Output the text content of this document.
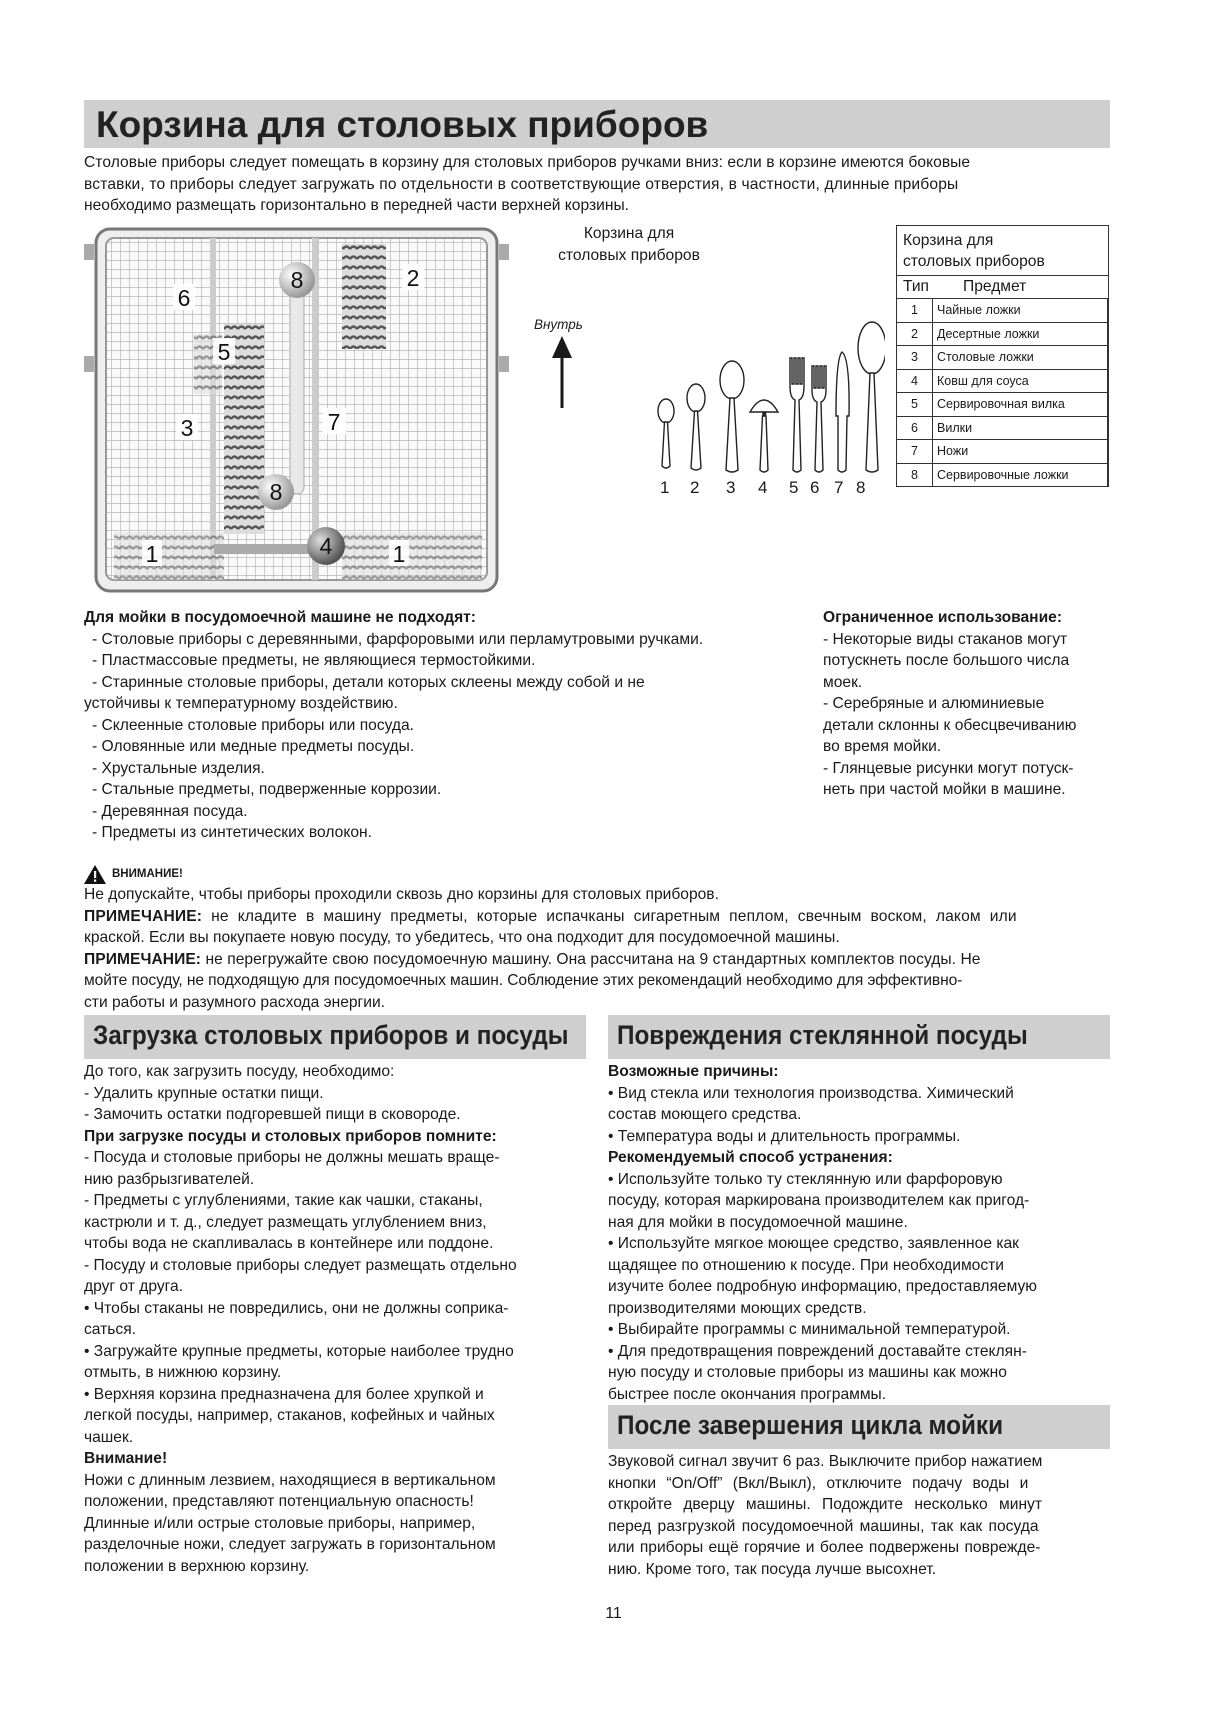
Корзина для столовых приборов
Столовые приборы следует помещать в корзину для столовых приборов ручками вниз: если в корзине имеются боковые
вставки, то приборы следует загружать по отдельности в соответствующие отверстия, в частности, длинные приборы
необходимо размещать горизонтально в передней части верхней корзины.
8	2
6
5
3	7
8
1	4	1
Корзина для
столовых приборов
Внутрь
1 2 3 4 5 6 7 8
Корзина для
столовых приборов
Тип	Предмет
1	Чайные ложки
2	Десертные ложки
3	Столовые ложки
4	Ковш для соуса
5	Сервировочная вилка
6	Вилки
7	Ножи
8	Сервировочные ложки
Для мойки в посудомоечной машине не подходят:
- Столовые приборы с деревянными, фарфоровыми или перламутровыми ручками.
- Пластмассовые предметы, не являющиеся термостойкими.
- Старинные столовые приборы, детали которых склеены между собой и не
устойчивы к температурному воздействию.
- Склеенные столовые приборы или посуда.
- Оловянные или медные предметы посуды.
- Хрустальные изделия.
- Стальные предметы, подверженные коррозии.
- Деревянная посуда.
- Предметы из синтетических волокон.
Ограниченное использование:
- Некоторые виды стаканов могут
потускнеть после большого числа
моек.
- Серебряные и алюминиевые
детали склонны к обесцвечиванию
во время мойки.
- Глянцевые рисунки могут потуск-
неть при частой мойки в машине.
ВНИМАНИЕ!
Не допускайте, чтобы приборы проходили сквозь дно корзины для столовых приборов.
ПРИМЕЧАНИЕ: не кладите в машину предметы, которые испачканы сигаретным пеплом, свечным воском, лаком или
краской. Если вы покупаете новую посуду, то убедитесь, что она подходит для посудомоечной машины.
ПРИМЕЧАНИЕ: не перегружайте свою посудомоечную машину. Она рассчитана на 9 стандартных комплектов посуды. Не
мойте посуду, не подходящую для посудомоечных машин. Соблюдение этих рекомендаций необходимо для эффективно-
сти работы и разумного расхода энергии.
Загрузка столовых приборов и посуды
До того, как загрузить посуду, необходимо:
- Удалить крупные остатки пищи.
- Замочить остатки подгоревшей пищи в сковороде.
При загрузке посуды и столовых приборов помните:
- Посуда и столовые приборы не должны мешать враще-
нию разбрызгивателей.
- Предметы с углублениями, такие как чашки, стаканы,
кастрюли и т. д., следует размещать углублением вниз,
чтобы вода не скапливалась в контейнере или поддоне.
- Посуду и столовые приборы следует размещать отдельно
друг от друга.
• Чтобы стаканы не повредились, они не должны соприка-
саться.
• Загружайте крупные предметы, которые наиболее трудно
отмыть, в нижнюю корзину.
• Верхняя корзина предназначена для более хрупкой и
легкой посуды, например, стаканов, кофейных и чайных
чашек.
Внимание!
Ножи с длинным лезвием, находящиеся в вертикальном
положении, представляют потенциальную опасность!
Длинные и/или острые столовые приборы, например,
разделочные ножи, следует загружать в горизонтальном
положении в верхнюю корзину.
Повреждения стеклянной посуды
Возможные причины:
• Вид стекла или технология производства. Химический
состав моющего средства.
• Температура воды и длительность программы.
Рекомендуемый способ устранения:
• Используйте только ту стеклянную или фарфоровую
посуду, которая маркирована производителем как пригод-
ная для мойки в посудомоечной машине.
• Используйте мягкое моющее средство, заявленное как
щадящее по отношению к посуде. При необходимости
изучите более подробную информацию, предоставляемую
производителями моющих средств.
• Выбирайте программы с минимальной температурой.
• Для предотвращения повреждений доставайте стеклян-
ную посуду и столовые приборы из машины как можно
быстрее после окончания программы.
После завершения цикла мойки
Звуковой сигнал звучит 6 раз. Выключите прибор нажатием
кнопки “On/Off” (Вкл/Выкл), отключите подачу воды и
откройте дверцу машины. Подождите несколько минут
перед разгрузкой посудомоечной машины, так как посуда
или приборы ещё горячие и более подвержены поврежде-
нию. Кроме того, так посуда лучше высохнет.
11
